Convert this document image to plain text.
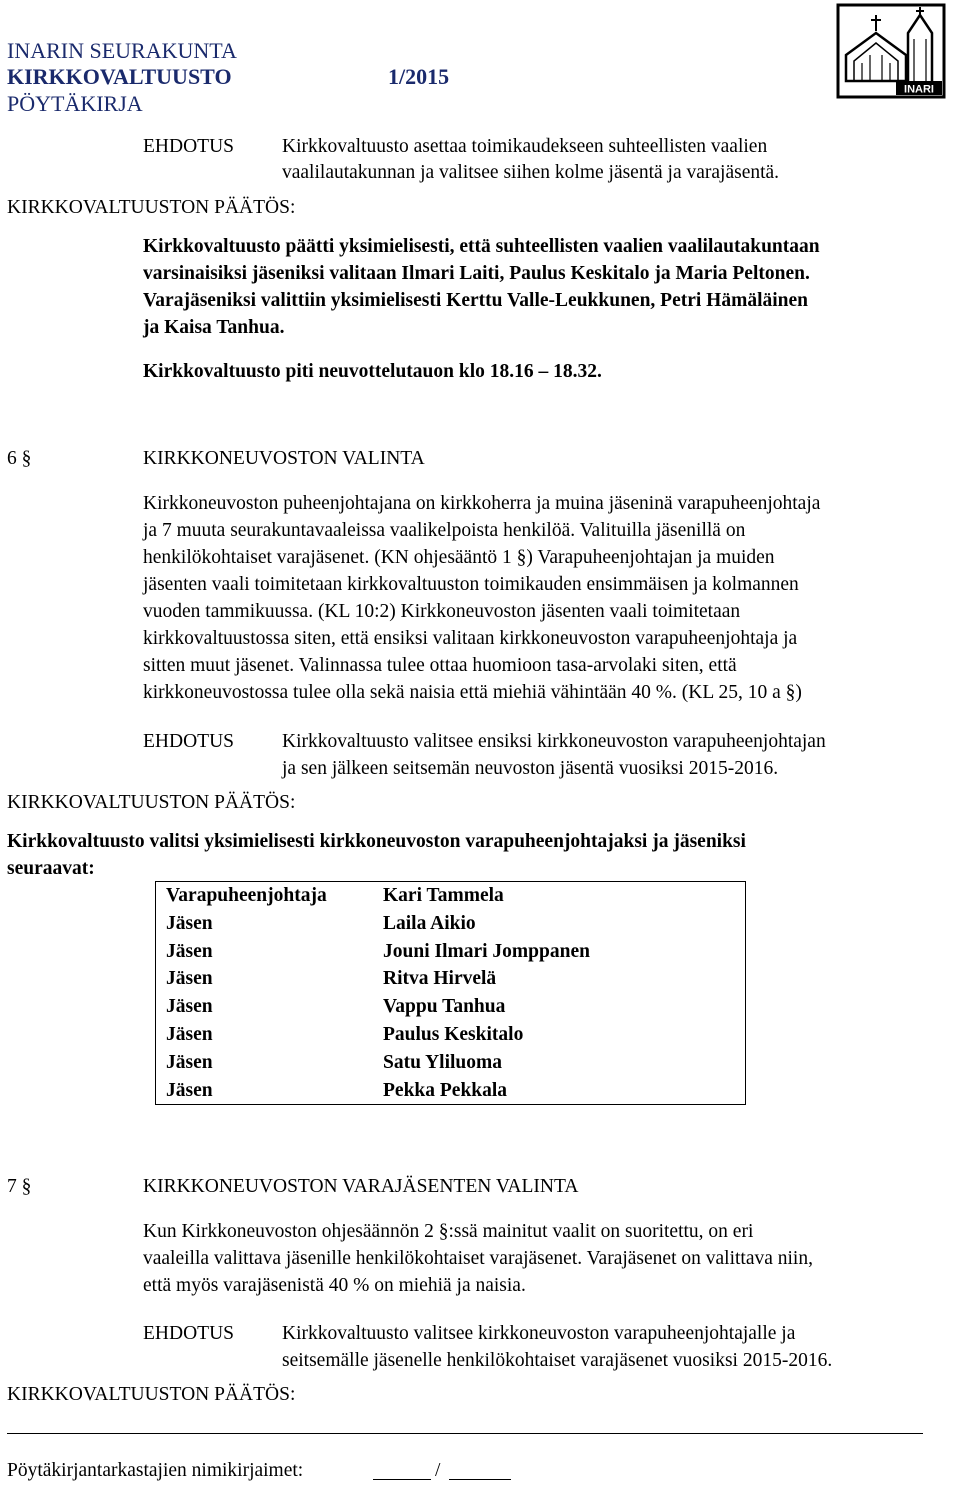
INARIN SEURAKUNTA
KIRKKOVALTUUSTO	1/2015
PÖYTÄKIRJA
INARI
EHDOTUS Kirkkovaltuusto asettaa toimikaudekseen suhteellisten vaalien
vaalilautakunnan ja valitsee siihen kolme jäsentä ja varajäsentä.
KIRKKOVALTUUSTON PÄÄTÖS:
Kirkkovaltuusto päätti yksimielisesti, että suhteellisten vaalien vaalilautakuntaan
varsinaisiksi jäseniksi valitaan Ilmari Laiti, Paulus Keskitalo ja Maria Peltonen.
Varajäseniksi valittiin yksimielisesti Kerttu Valle-Leukkunen, Petri Hämäläinen
ja Kaisa Tanhua.
Kirkkovaltuusto piti neuvottelutauon klo 18.16 – 18.32.
6 §	KIRKKONEUVOSTON VALINTA
Kirkkoneuvoston puheenjohtajana on kirkkoherra ja muina jäseninä varapuheenjohtaja
ja 7 muuta seurakuntavaaleissa vaalikelpoista henkilöä. Valituilla jäsenillä on
henkilökohtaiset varajäsenet. (KN ohjesääntö 1 §) Varapuheenjohtajan ja muiden
jäsenten vaali toimitetaan kirkkovaltuuston toimikauden ensimmäisen ja kolmannen
vuoden tammikuussa. (KL 10:2) Kirkkoneuvoston jäsenten vaali toimitetaan
kirkkovaltuustossa siten, että ensiksi valitaan kirkkoneuvoston varapuheenjohtaja ja
sitten muut jäsenet. Valinnassa tulee ottaa huomioon tasa-arvolaki siten, että
kirkkoneuvostossa tulee olla sekä naisia että miehiä vähintään 40 %. (KL 25, 10 a §)
EHDOTUS Kirkkovaltuusto valitsee ensiksi kirkkoneuvoston varapuheenjohtajan
ja sen jälkeen seitsemän neuvoston jäsentä vuosiksi 2015-2016.
KIRKKOVALTUUSTON PÄÄTÖS:
Kirkkovaltuusto valitsi yksimielisesti kirkkoneuvoston varapuheenjohtajaksi ja jäseniksi
seuraavat:
Varapuheenjohtaja	Kari Tammela
Jäsen	Laila Aikio
Jäsen	Jouni Ilmari Jomppanen
Jäsen	Ritva Hirvelä
Jäsen	Vappu Tanhua
Jäsen	Paulus Keskitalo
Jäsen	Satu Yliluoma
Jäsen	Pekka Pekkala
7 §	KIRKKONEUVOSTON VARAJÄSENTEN VALINTA
Kun Kirkkoneuvoston ohjesäännön 2 §:ssä mainitut vaalit on suoritettu, on eri
vaaleilla valittava jäsenille henkilökohtaiset varajäsenet. Varajäsenet on valittava niin,
että myös varajäsenistä 40 % on miehiä ja naisia.
EHDOTUS Kirkkovaltuusto valitsee kirkkoneuvoston varapuheenjohtajalle ja
seitsemälle jäsenelle henkilökohtaiset varajäsenet vuosiksi 2015-2016.
KIRKKOVALTUUSTON PÄÄTÖS:
Pöytäkirjantarkastajien nimikirjaimet:	/
